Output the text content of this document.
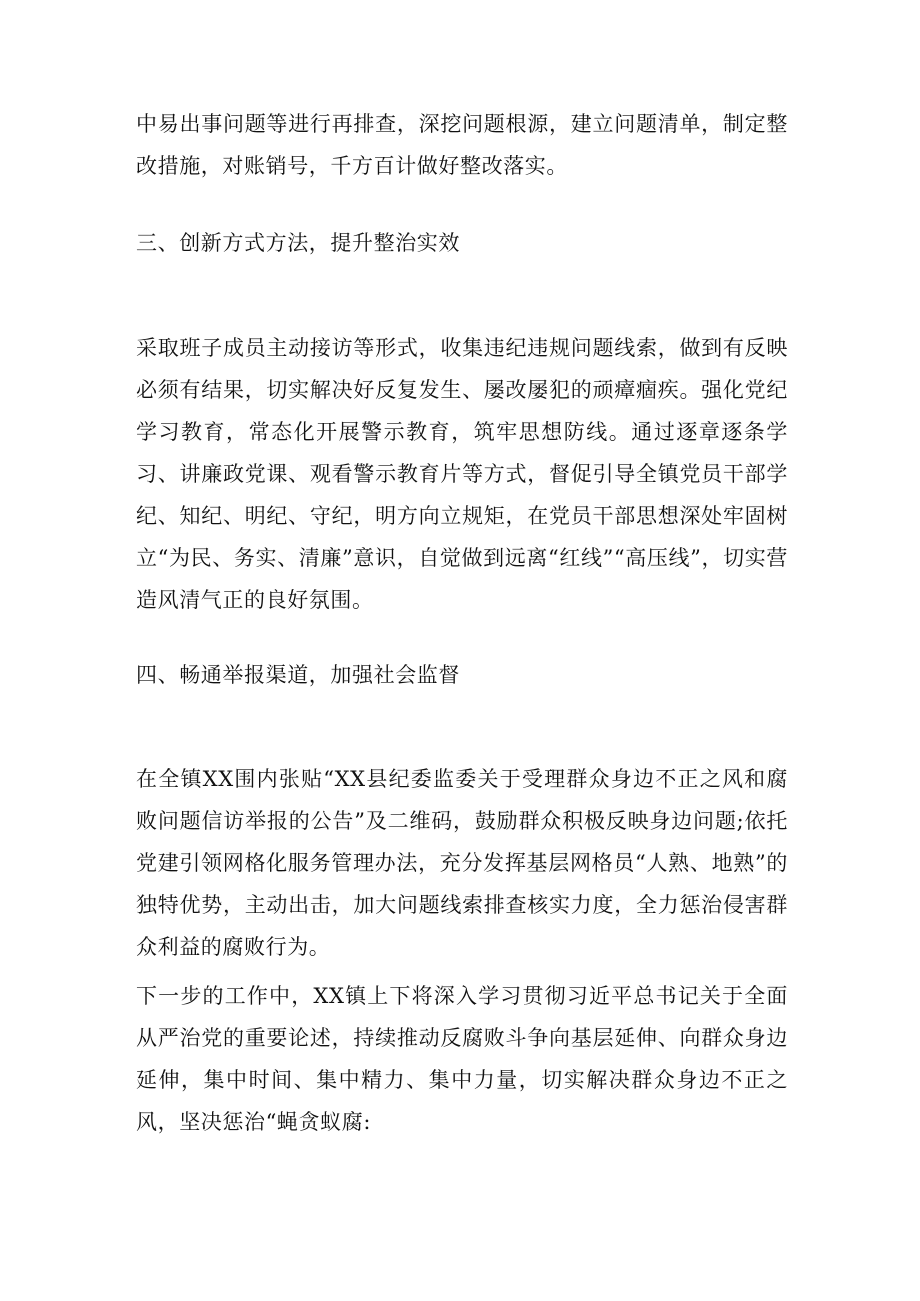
中易出事问题等进行再排查，深挖问题根源，建立问题清单，制定整改措施，对账销号，千方百计做好整改落实。

三、创新方式方法，提升整治实效

采取班子成员主动接访等形式，收集违纪违规问题线索，做到有反映必须有结果，切实解决好反复发生、屡改屡犯的顽瘴痼疾。强化党纪学习教育，常态化开展警示教育，筑牢思想防线。通过逐章逐条学习、讲廉政党课、观看警示教育片等方式，督促引导全镇党员干部学纪、知纪、明纪、守纪，明方向立规矩，在党员干部思想深处牢固树立“为民、务实、清廉”意识，自觉做到远离“红线”“高压线”，切实营造风清气正的良好氛围。

四、畅通举报渠道，加强社会监督

在全镇XX围内张贴“XX县纪委监委关于受理群众身边不正之风和腐败问题信访举报的公告”及二维码，鼓励群众积极反映身边问题;依托党建引领网格化服务管理办法，充分发挥基层网格员“人熟、地熟”的独特优势，主动出击，加大问题线索排查核实力度，全力惩治侵害群众利益的腐败行为。

下一步的工作中，XX镇上下将深入学习贯彻习近平总书记关于全面从严治党的重要论述，持续推动反腐败斗争向基层延伸、向群众身边延伸，集中时间、集中精力、集中力量，切实解决群众身边不正之风，坚决惩治“蝇贪蚁腐:
